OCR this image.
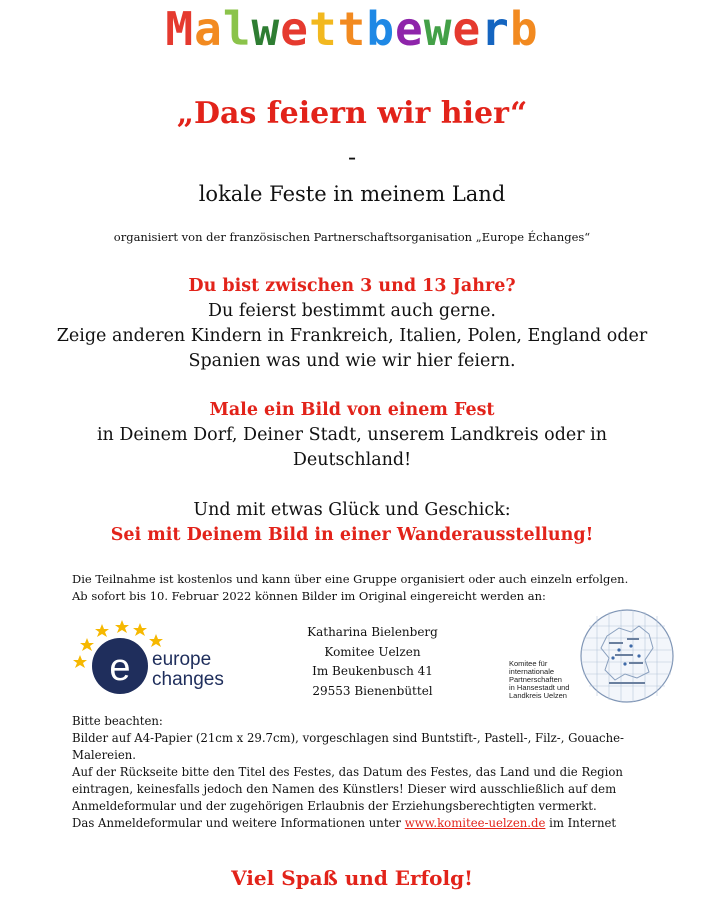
Malwettbewerb
„Das feiern wir hier“
-
lokale Feste in meinem Land
organisiert von der französischen Partnerschaftsorganisation „Europe Échanges“
Du bist zwischen 3 und 13 Jahre?
Du feierst bestimmt auch gerne.
Zeige anderen Kindern in Frankreich, Italien, Polen, England oder
Spanien was und wie wir hier feiern.
Male ein Bild von einem Fest
in Deinem Dorf, Deiner Stadt, unserem Landkreis oder in
Deutschland!
Und mit etwas Glück und Geschick:
Sei mit Deinem Bild in einer Wanderausstellung!
Die Teilnahme ist kostenlos und kann über eine Gruppe organisiert oder auch einzeln erfolgen.
Ab sofort bis 10. Februar 2022 können Bilder im Original eingereicht werden an:
e europe
changes
Katharina Bielenberg
Komitee Uelzen
Im Beukenbusch 41
29553 Bienenbüttel
Komitee für
internationale
Partnerschaften
in Hansestadt und
Landkreis Uelzen
Bitte beachten:
Bilder auf A4-Papier (21cm x 29.7cm), vorgeschlagen sind Buntstift-, Pastell-, Filz-, Gouache-
Malereien.
Auf der Rückseite bitte den Titel des Festes, das Datum des Festes, das Land und die Region
eintragen, keinesfalls jedoch den Namen des Künstlers! Dieser wird ausschließlich auf dem
Anmeldeformular und der zugehörigen Erlaubnis der Erziehungsberechtigten vermerkt.
Das Anmeldeformular und weitere Informationen unter www.komitee-uelzen.de im Internet
Viel Spaß und Erfolg!
